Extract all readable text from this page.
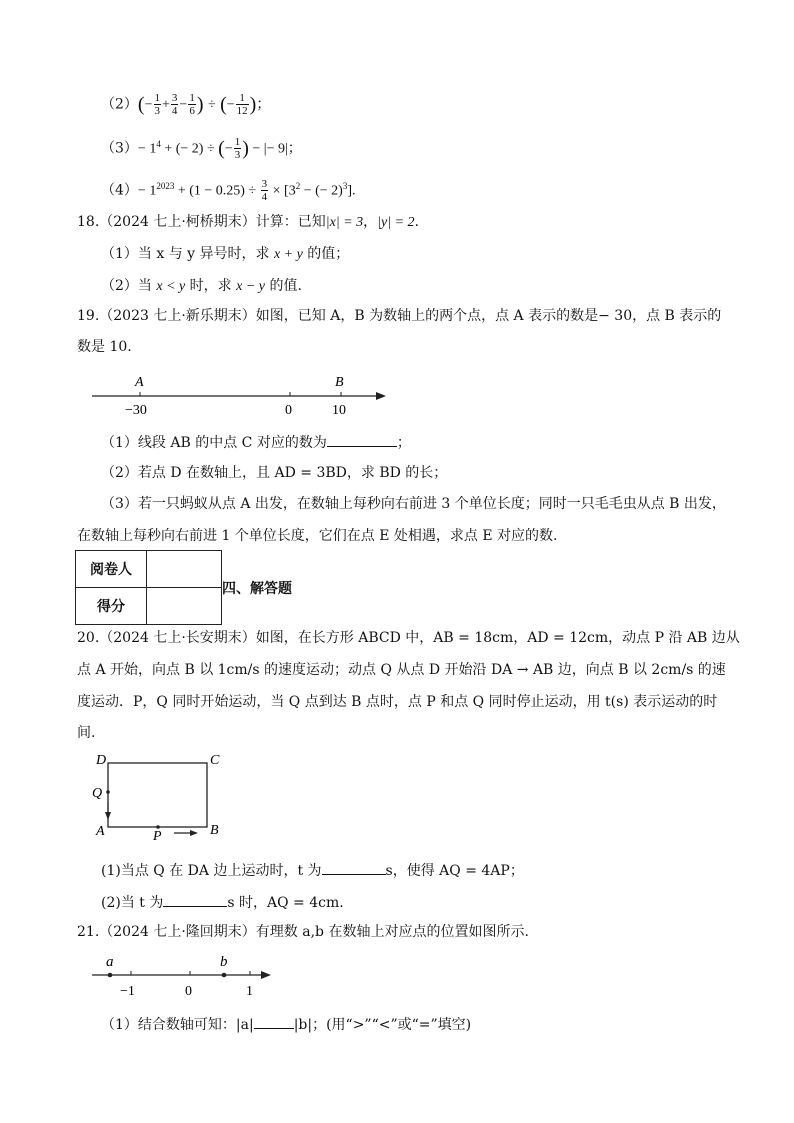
$(2)(- \frac{1}{3} + \frac{3}{4} - \frac{1}{6}$ ) ÷ (− $\frac{1}{12}$ )；
$(3)- 1^4$ + (− 2) ÷ (− $\frac{1}{3}$ ) − |− 9|；
$(4)- 1^{2023} + (1 - 0.25) \div \frac{3}{4} \times [3^2$ − (− 2)$^3$].
18.（2024 七上·柯桥期末）计算：已知|x| = 3，|y| = 2.
（1）当 x 与 y 异号时，求 x + y 的值；
（2）当 x < y 时，求 x − y 的值.
19.（2023 七上·新乐期末）如图，已知 A，B 为数轴上的两个点，点 A 表示的数是− 30，点 B 表示的
数是 10.
A	B
−30	0	10
（1）线段 AB 的中点 C 对应的数为	；
（2）若点 D 在数轴上，且 AD = 3BD，求 BD 的长；
（3）若一只蚂蚁从点 A 出发，在数轴上每秒向右前进 3 个单位长度；同时一只毛毛虫从点 B 出发，
在数轴上每秒向右前进 1 个单位长度，它们在点 E 处相遇，求点 E 对应的数.
阅卷人	
得分	
四、解答题
20.（2024 七上·长安期末）如图，在长方形 ABCD 中，AB = 18cm，AD = 12cm，动点 P 沿 AB 边从
点 A 开始，向点 B 以 1cm/s 的速度运动；动点 Q 从点 D 开始沿 DA → AB 边，向点 B 以 2cm/s 的速
度运动．P，Q 同时开始运动，当 Q 点到达 B 点时，点 P 和点 Q 同时停止运动，用 t(s) 表示运动的时
间.
D	C
Q
A	P	B
(1)当点 Q 在 DA 边上运动时，t 为	s，使得 AQ = 4AP；
(2)当 t 为	s 时，AQ = 4cm.
21.（2024 七上·隆回期末）有理数 a,b 在数轴上对应点的位置如图所示.
a	b
−1	0	1
（1）结合数轴可知：|a|	|b|；(用“>”“<”或“=”填空)
